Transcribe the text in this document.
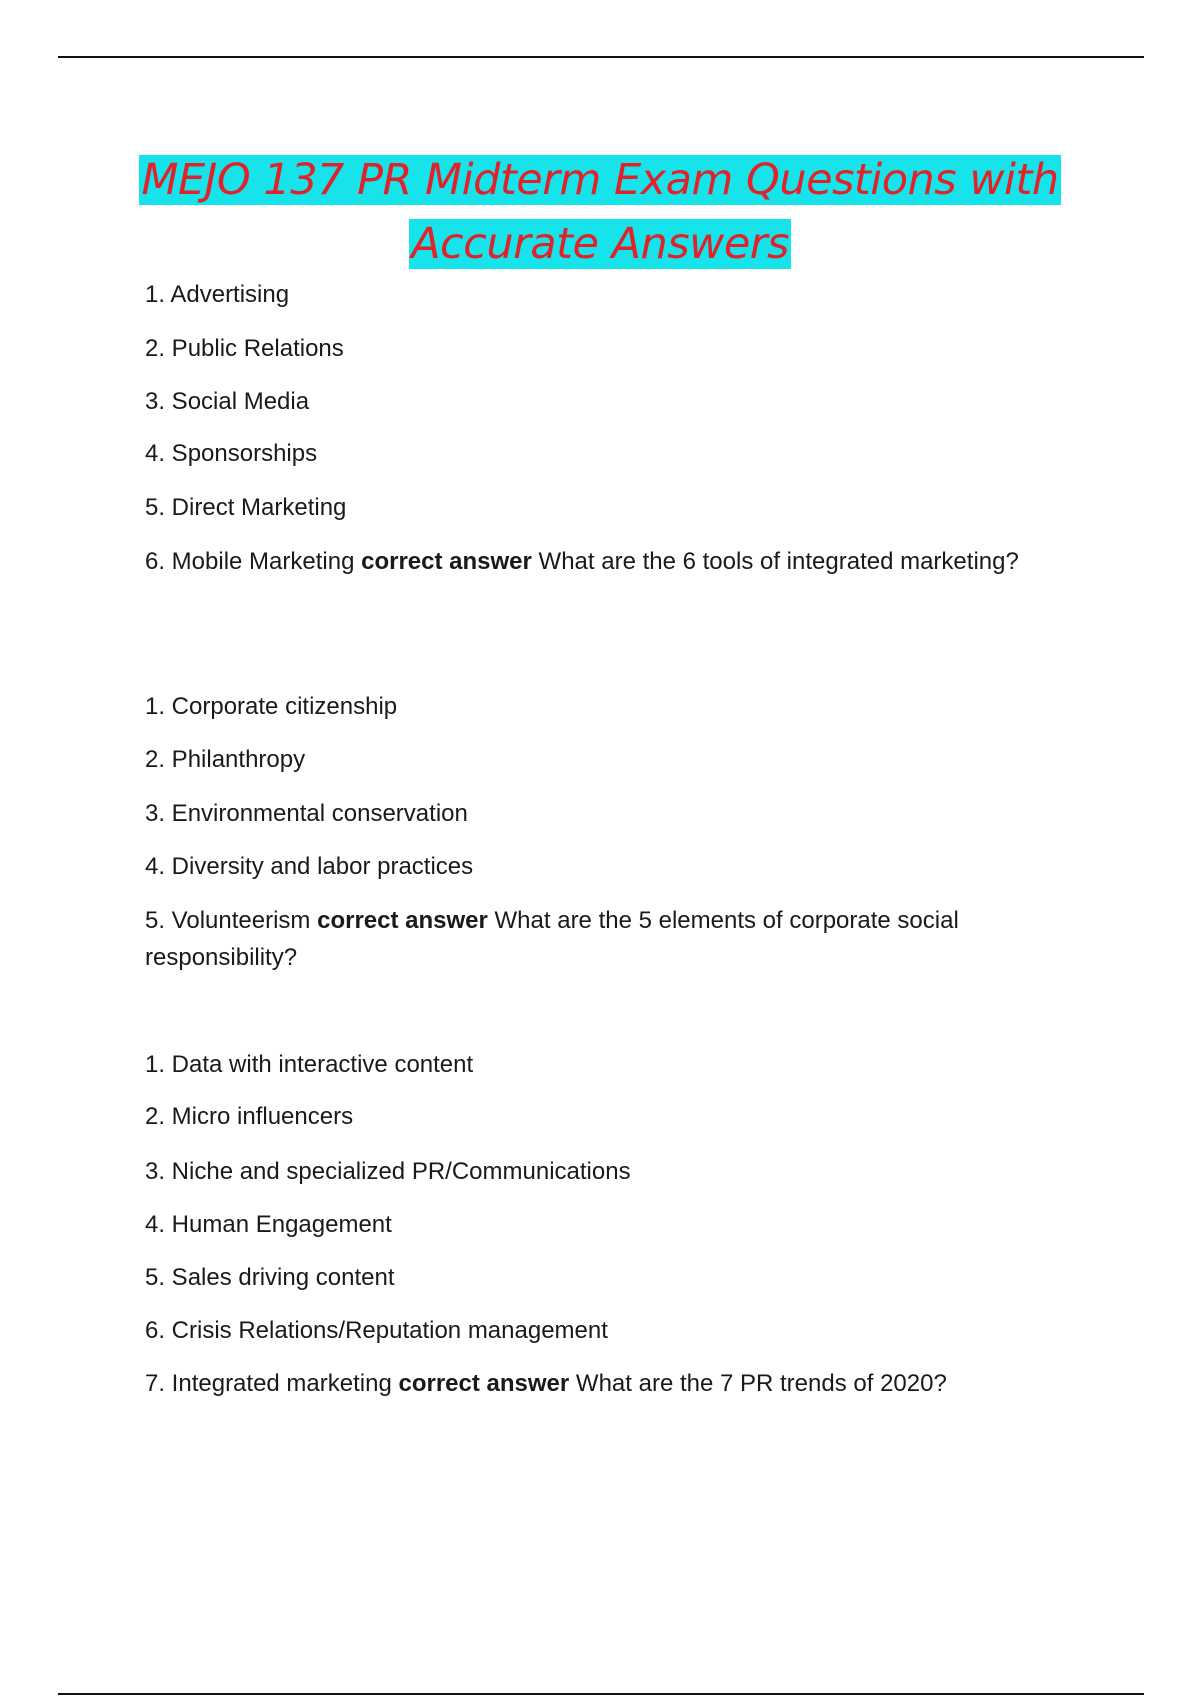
MEJO 137 PR Midterm Exam Questions with
Accurate Answers
1. Advertising
2. Public Relations
3. Social Media
4. Sponsorships
5. Direct Marketing
6. Mobile Marketing correct answer What are the 6 tools of integrated marketing?
1. Corporate citizenship
2. Philanthropy
3. Environmental conservation
4. Diversity and labor practices
5. Volunteerism correct answer What are the 5 elements of corporate social responsibility?
1. Data with interactive content
2. Micro influencers
3. Niche and specialized PR/Communications
4. Human Engagement
5. Sales driving content
6. Crisis Relations/Reputation management
7. Integrated marketing correct answer What are the 7 PR trends of 2020?
